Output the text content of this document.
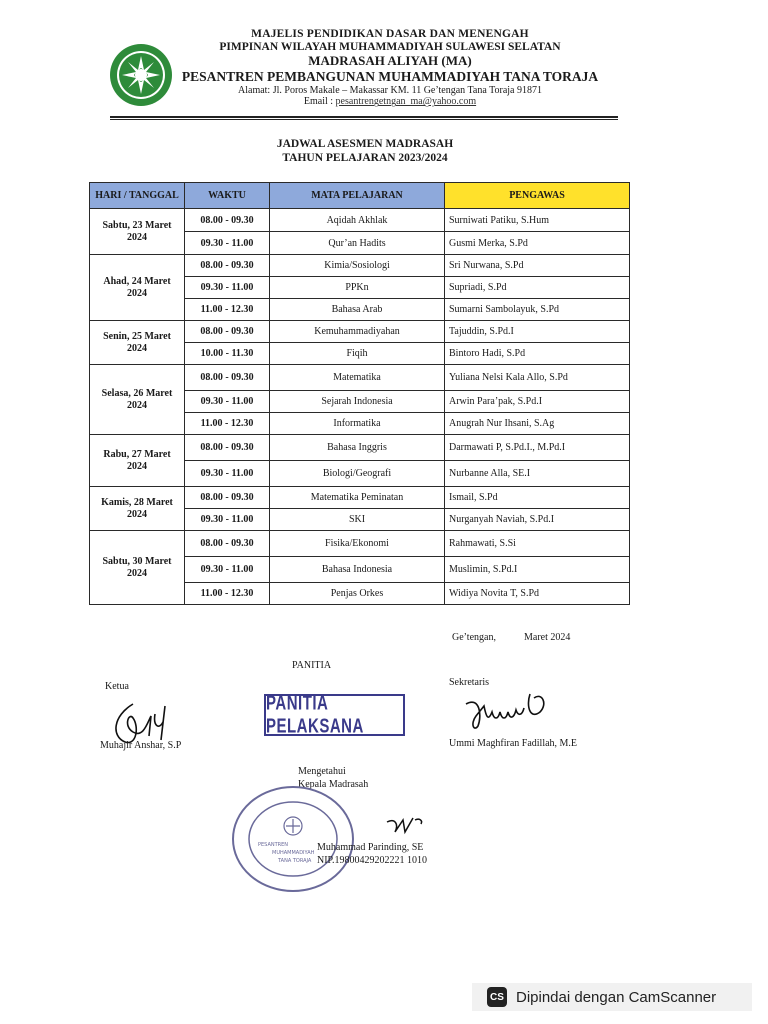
MAJELIS PENDIDIKAN DASAR DAN MENENGAH
PIMPINAN WILAYAH MUHAMMADIYAH SULAWESI SELATAN
MADRASAH ALIYAH (MA)
PESANTREN PEMBANGUNAN MUHAMMADIYAH TANA TORAJA
Alamat: Jl. Poros Makale – Makassar KM. 11 Ge’tengan Tana Toraja 91871
Email : pesantrengetngan_ma@yahoo.com
JADWAL ASESMEN MADRASAH
TAHUN PELAJARAN 2023/2024
HARI / TANGGAL	WAKTU	MATA PELAJARAN	PENGAWAS
Sabtu, 23 Maret 2024	08.00 - 09.30	Aqidah Akhlak	Surniwati Patiku, S.Hum
	09.30 - 11.00	Qur’an Hadits	Gusmi Merka, S.Pd
Ahad, 24 Maret 2024	08.00 - 09.30	Kimia/Sosiologi	Sri Nurwana, S.Pd
	09.30 - 11.00	PPKn	Supriadi, S.Pd
	11.00 - 12.30	Bahasa Arab	Sumarni Sambolayuk, S.Pd
Senin, 25 Maret 2024	08.00 - 09.30	Kemuhammadiyahan	Tajuddin, S.Pd.I
	10.00 - 11.30	Fiqih	Bintoro Hadi, S.Pd
Selasa, 26 Maret 2024	08.00 - 09.30	Matematika	Yuliana Nelsi Kala Allo, S.Pd
	09.30 - 11.00	Sejarah Indonesia	Arwin Para’pak, S.Pd.I
	11.00 - 12.30	Informatika	Anugrah Nur Ihsani, S.Ag
Rabu, 27 Maret 2024	08.00 - 09.30	Bahasa Inggris	Darmawati P, S.Pd.I., M.Pd.I
	09.30 - 11.00	Biologi/Geografi	Nurbanne Alla, SE.I
Kamis, 28 Maret 2024	08.00 - 09.30	Matematika Peminatan	Ismail, S.Pd
	09.30 - 11.00	SKI	Nurganyah Naviah, S.Pd.I
Sabtu, 30 Maret 2024	08.00 - 09.30	Fisika/Ekonomi	Rahmawati, S.Si
	09.30 - 11.00	Bahasa Indonesia	Muslimin, S.Pd.I
	11.00 - 12.30	Penjas Orkes	Widiya Novita T, S.Pd
Ge’tengan,	Maret 2024
PANITIA
Ketua	Sekretaris
PANITIA PELAKSANA
Muhajir Anshar, S.P	Ummi Maghfiran Fadillah, M.E
Mengetahui
Kepala Madrasah
PESANTREN
MUHAMMADIYAH
TANA TORAJA
Muhammad Parinding, SE
NIP.19800429202221 1010
CS Dipindai dengan CamScanner
